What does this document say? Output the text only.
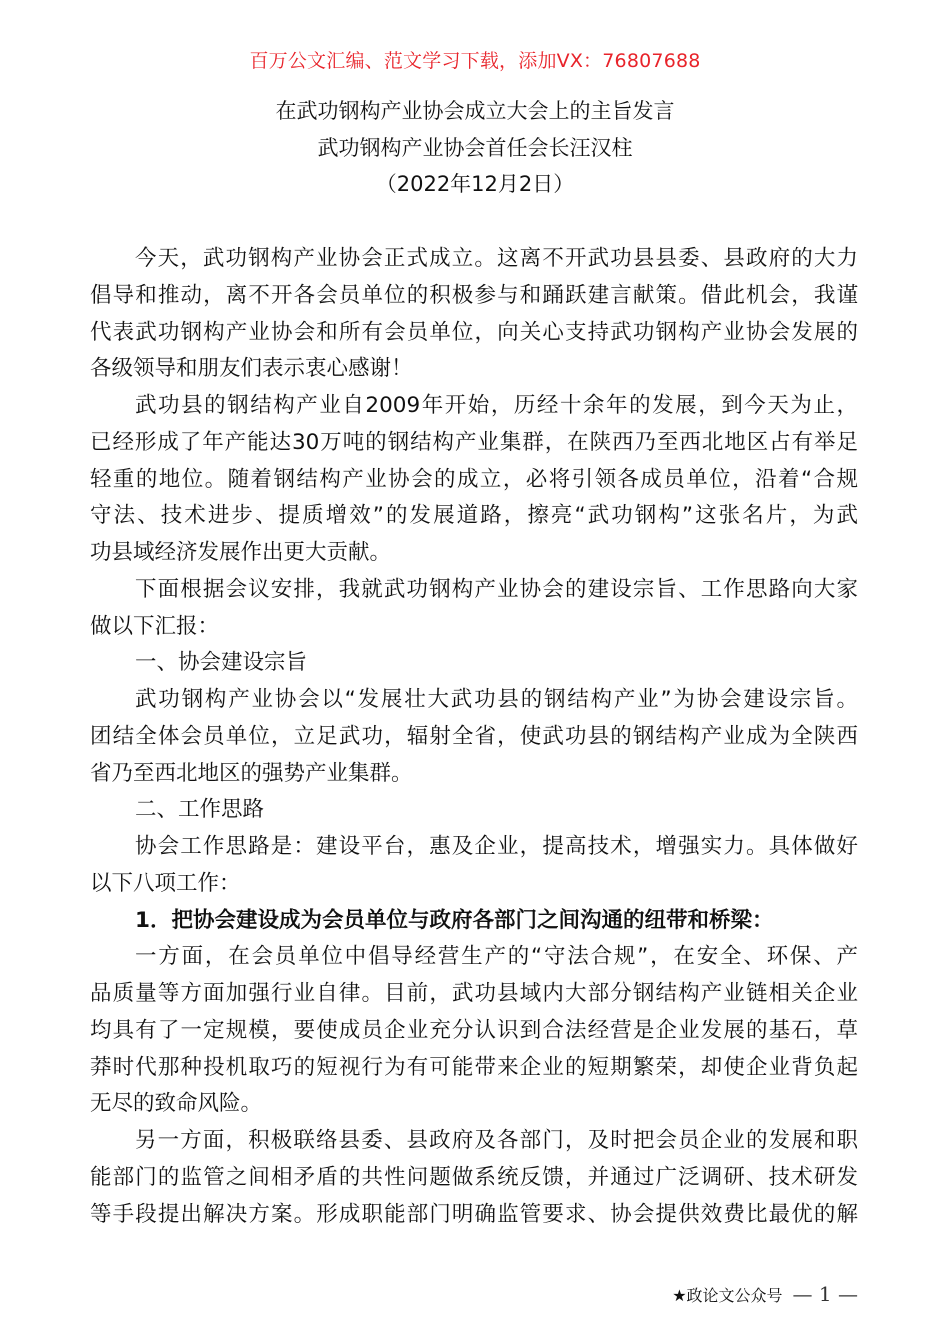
百万公文汇编、范文学习下载，添加VX：76807688
在武功钢构产业协会成立大会上的主旨发言
武功钢构产业协会首任会长汪汉柱
（2022年12月2日）
今天，武功钢构产业协会正式成立。这离不开武功县县委、县政府的大力
倡导和推动，离不开各会员单位的积极参与和踊跃建言献策。借此机会，我谨
代表武功钢构产业协会和所有会员单位，向关心支持武功钢构产业协会发展的
各级领导和朋友们表示衷心感谢！
武功县的钢结构产业自2009年开始，历经十余年的发展，到今天为止，
已经形成了年产能达30万吨的钢结构产业集群，在陕西乃至西北地区占有举足
轻重的地位。随着钢结构产业协会的成立，必将引领各成员单位，沿着“合规
守法、技术进步、提质增效”的发展道路，擦亮“武功钢构”这张名片，为武
功县域经济发展作出更大贡献。
下面根据会议安排，我就武功钢构产业协会的建设宗旨、工作思路向大家
做以下汇报：
一、协会建设宗旨
武功钢构产业协会以“发展壮大武功县的钢结构产业”为协会建设宗旨。
团结全体会员单位，立足武功，辐射全省，使武功县的钢结构产业成为全陕西
省乃至西北地区的强势产业集群。
二、工作思路
协会工作思路是：建设平台，惠及企业，提高技术，增强实力。具体做好
以下八项工作：
1．把协会建设成为会员单位与政府各部门之间沟通的纽带和桥梁：
一方面，在会员单位中倡导经营生产的“守法合规”，在安全、环保、产
品质量等方面加强行业自律。目前，武功县域内大部分钢结构产业链相关企业
均具有了一定规模，要使成员企业充分认识到合法经营是企业发展的基石，草
莽时代那种投机取巧的短视行为有可能带来企业的短期繁荣，却使企业背负起
无尽的致命风险。
另一方面，积极联络县委、县政府及各部门，及时把会员企业的发展和职
能部门的监管之间相矛盾的共性问题做系统反馈，并通过广泛调研、技术研发
等手段提出解决方案。形成职能部门明确监管要求、协会提供效费比最优的解
★政论文公众号 — 1 —
